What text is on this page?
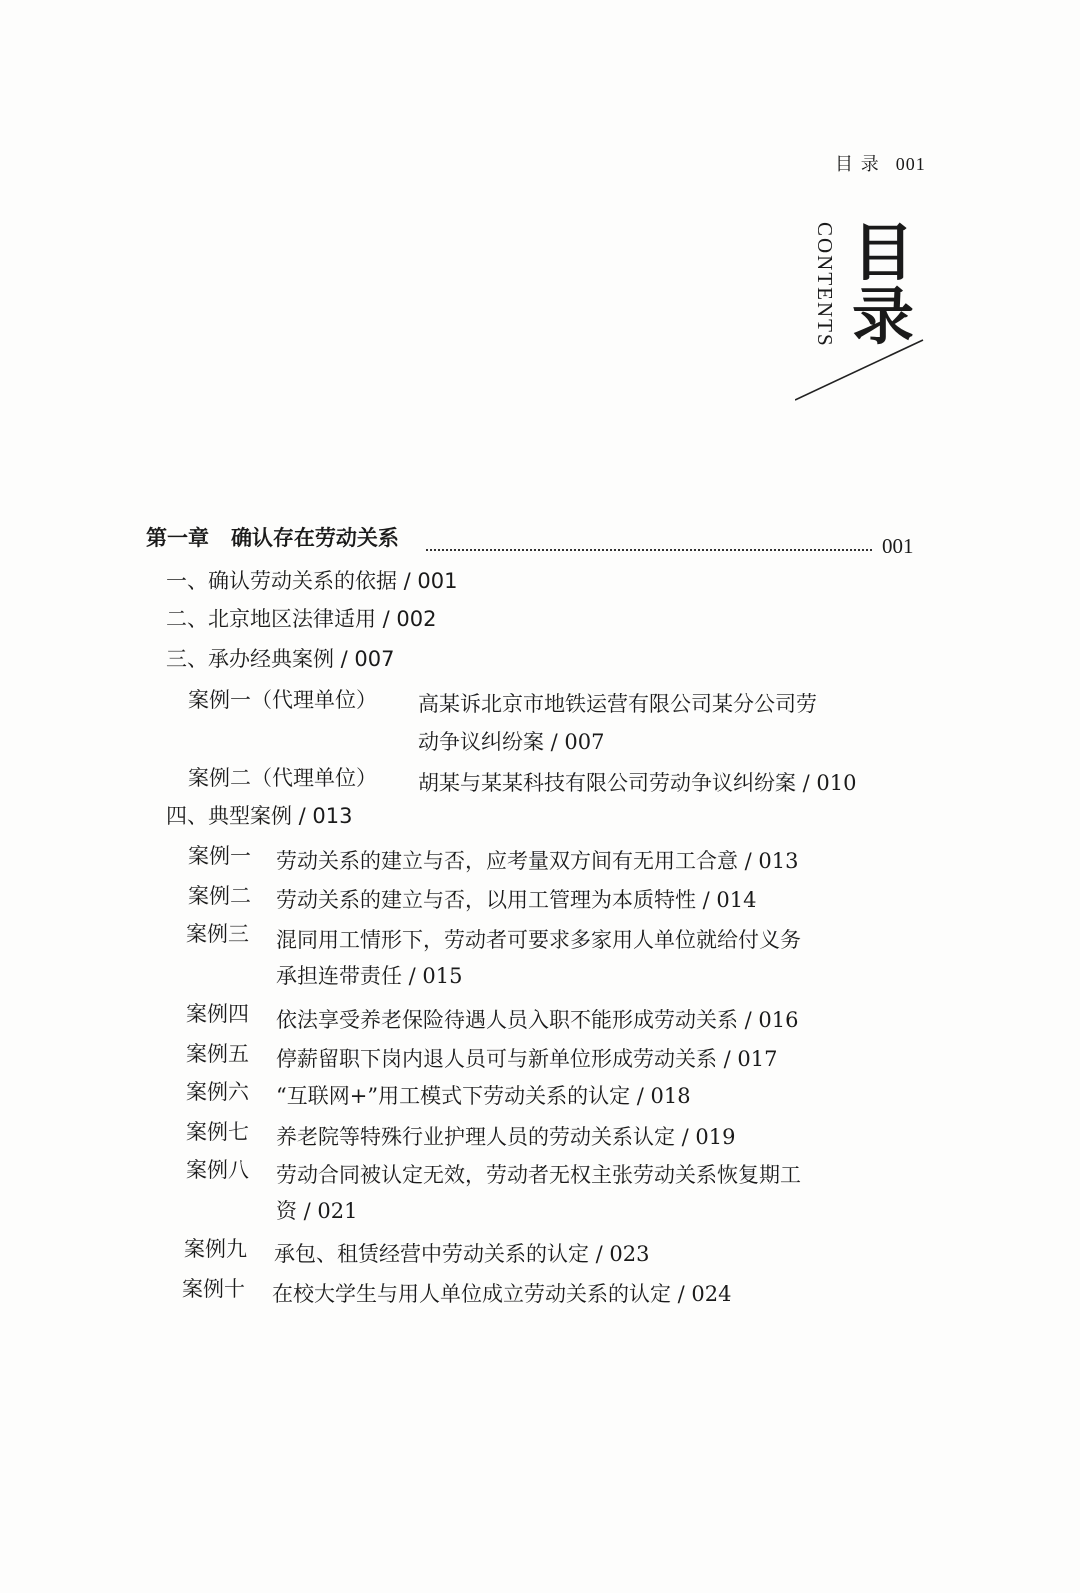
目 录 001
CONTENTS 目
录
第一章 确认存在劳动关系	001
一、确认劳动关系的依据 / 001
二、北京地区法律适用 / 002
三、承办经典案例 / 007
案例一（代理单位） 高某诉北京市地铁运营有限公司某分公司劳
动争议纠纷案 / 007
案例二（代理单位） 胡某与某某科技有限公司劳动争议纠纷案 / 010
四、典型案例 / 013
案例一 劳动关系的建立与否，应考量双方间有无用工合意 / 013
案例二 劳动关系的建立与否，以用工管理为本质特性 / 014
案例三 混同用工情形下，劳动者可要求多家用人单位就给付义务
承担连带责任 / 015
案例四 依法享受养老保险待遇人员入职不能形成劳动关系 / 016
案例五 停薪留职下岗内退人员可与新单位形成劳动关系 / 017
案例六 “互联网+”用工模式下劳动关系的认定 / 018
案例七 养老院等特殊行业护理人员的劳动关系认定 / 019
案例八 劳动合同被认定无效，劳动者无权主张劳动关系恢复期工
资 / 021
案例九 承包、租赁经营中劳动关系的认定 / 023
案例十 在校大学生与用人单位成立劳动关系的认定 / 024
